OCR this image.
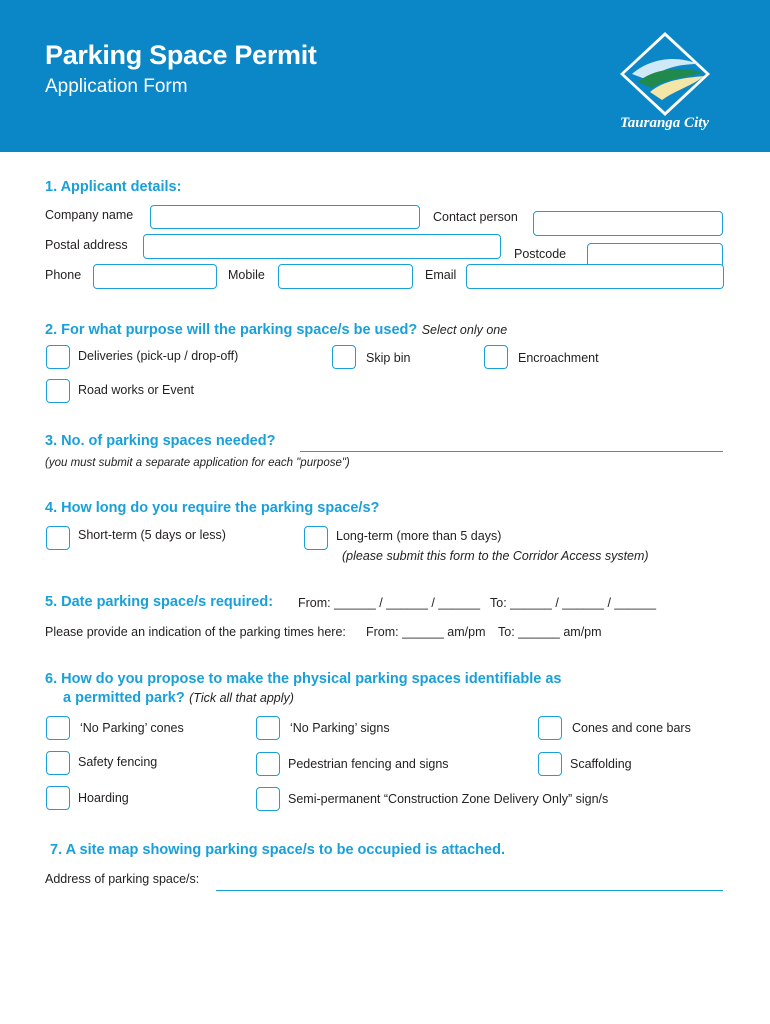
Parking Space Permit
Application Form
Tauranga City
1. Applicant details:
Company name	Contact person
Postal address
Postcode
Phone	Mobile	Email
2. For what purpose will the parking space/s be used? Select only one
Deliveries (pick-up / drop-off)	Skip bin	Encroachment
Road works or Event
3. No. of parking spaces needed?
(you must submit a separate application for each "purpose")
4. How long do you require the parking space/s?
Short-term (5 days or less)	Long-term (more than 5 days)
(please submit this form to the Corridor Access system)
5. Date parking space/s required: From: ______ / ______ / ______ To: ______ / ______ / ______
Please provide an indication of the parking times here: From: ______ am/pm To: ______ am/pm
6. How do you propose to make the physical parking spaces identifiable as
a permitted park? (Tick all that apply)
‘No Parking’ cones	‘No Parking’ signs	Cones and cone bars
Safety fencing	Pedestrian fencing and signs	Scaffolding
Hoarding	Semi-permanent “Construction Zone Delivery Only” sign/s
7. A site map showing parking space/s to be occupied is attached.
Address of parking space/s:
